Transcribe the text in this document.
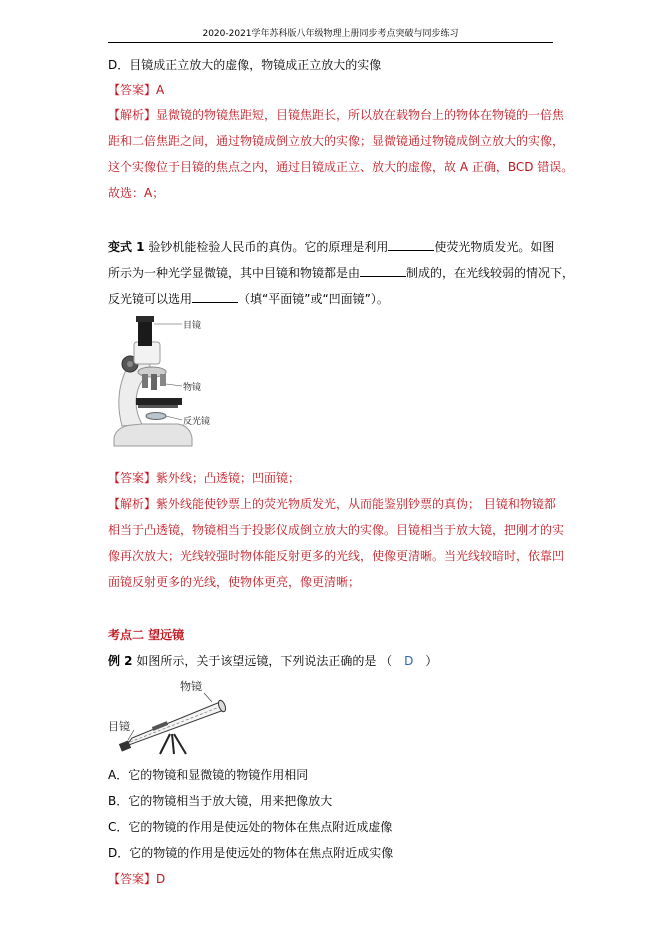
2020-2021学年苏科版八年级物理上册同步考点突破与同步练习
D．目镜成正立放大的虚像，物镜成正立放大的实像
【答案】A
【解析】显微镜的物镜焦距短，目镜焦距长，所以放在载物台上的物体在物镜的一倍焦
距和二倍焦距之间，通过物镜成倒立放大的实像；显微镜通过物镜成倒立放大的实像，
这个实像位于目镜的焦点之内，通过目镜成正立、放大的虚像，故 A 正确，BCD 错误。
故选：A；
变式 1 验钞机能检验人民币的真伪。它的原理是利用	使荧光物质发光。如图
所示为一种光学显微镜，其中目镜和物镜都是由	制成的，在光线较弱的情况下，
反光镜可以选用	（填“平面镜”或“凹面镜”）。
目镜
物镜
反光镜
【答案】紫外线；凸透镜；凹面镜；
【解析】紫外线能使钞票上的荧光物质发光，从而能鉴别钞票的真伪； 目镜和物镜都
相当于凸透镜，物镜相当于投影仪成倒立放大的实像。目镜相当于放大镜，把刚才的实
像再次放大；光线较强时物体能反射更多的光线，使像更清晰。当光线较暗时，依靠凹
面镜反射更多的光线，使物体更亮，像更清晰；
考点二 望远镜
例 2 如图所示，关于该望远镜，下列说法正确的是 （ D ）
物镜
目镜
A．它的物镜和显微镜的物镜作用相同
B．它的物镜相当于放大镜，用来把像放大
C．它的物镜的作用是使远处的物体在焦点附近成虚像
D．它的物镜的作用是使远处的物体在焦点附近成实像
【答案】D
